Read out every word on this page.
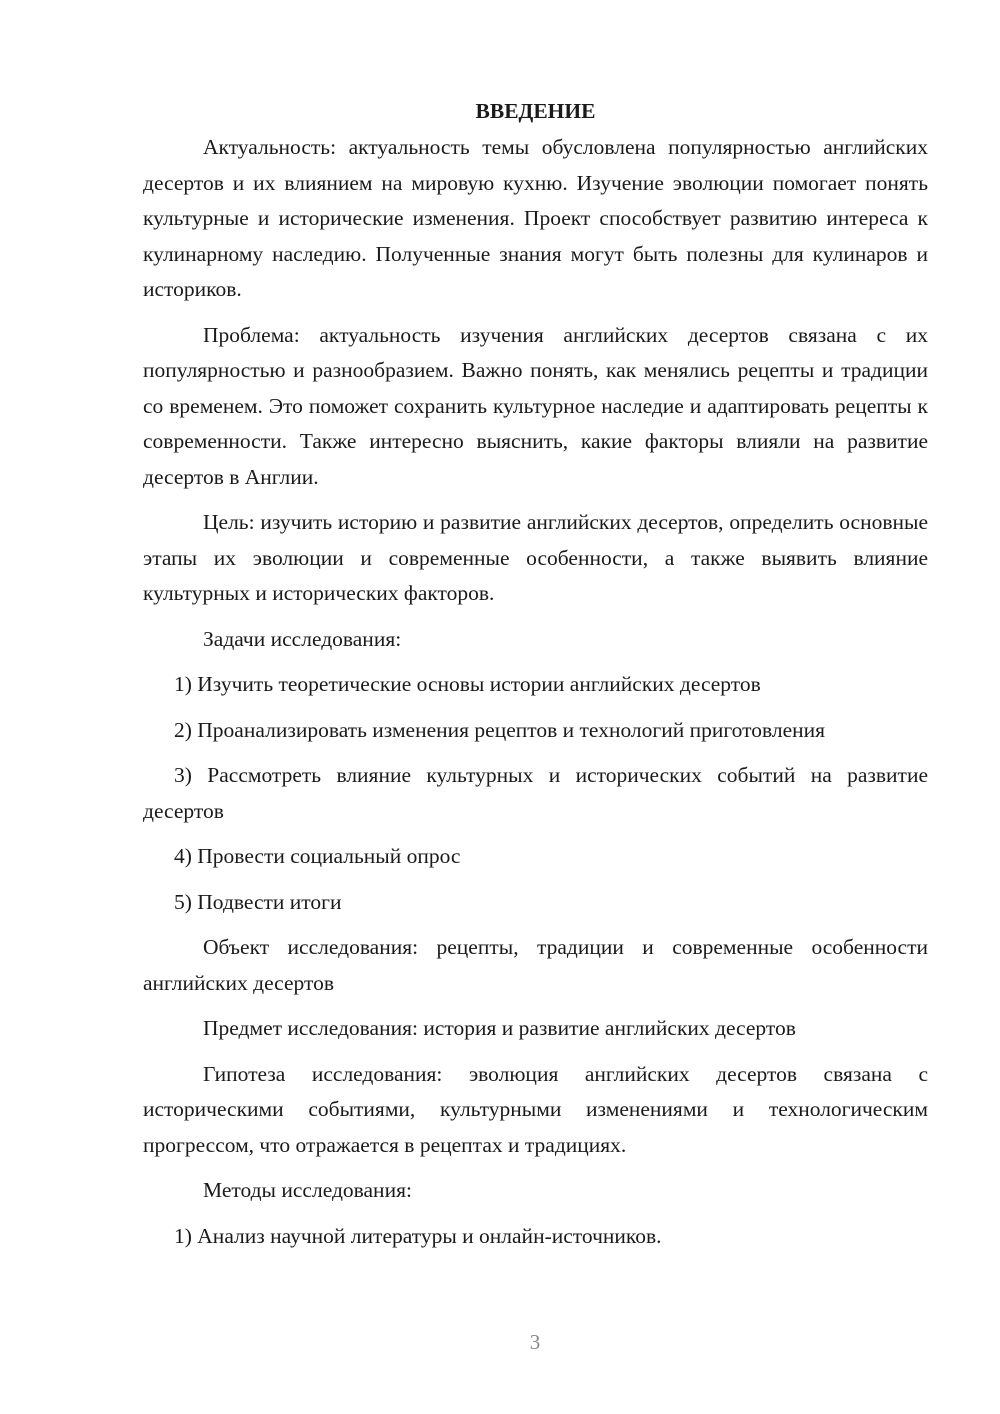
ВВЕДЕНИЕ

Актуальность: актуальность темы обусловлена популярностью английских десертов и их влиянием на мировую кухню. Изучение эволюции помогает понять культурные и исторические изменения. Проект способствует развитию интереса к кулинарному наследию. Полученные знания могут быть полезны для кулинаров и историков.

Проблема: актуальность изучения английских десертов связана с их популярностью и разнообразием. Важно понять, как менялись рецепты и традиции со временем. Это поможет сохранить культурное наследие и адаптировать рецепты к современности. Также интересно выяснить, какие факторы влияли на развитие десертов в Англии.

Цель: изучить историю и развитие английских десертов, определить основные этапы их эволюции и современные особенности, а также выявить влияние культурных и исторических факторов.

Задачи исследования:

1) Изучить теоретические основы истории английских десертов

2) Проанализировать изменения рецептов и технологий приготовления

3) Рассмотреть влияние культурных и исторических событий на развитие десертов

4) Провести социальный опрос

5) Подвести итоги

Объект исследования: рецепты, традиции и современные особенности английских десертов

Предмет исследования: история и развитие английских десертов

Гипотеза исследования: эволюция английских десертов связана с историческими событиями, культурными изменениями и технологическим прогрессом, что отражается в рецептах и традициях.

Методы исследования:

1) Анализ научной литературы и онлайн-источников.

3
